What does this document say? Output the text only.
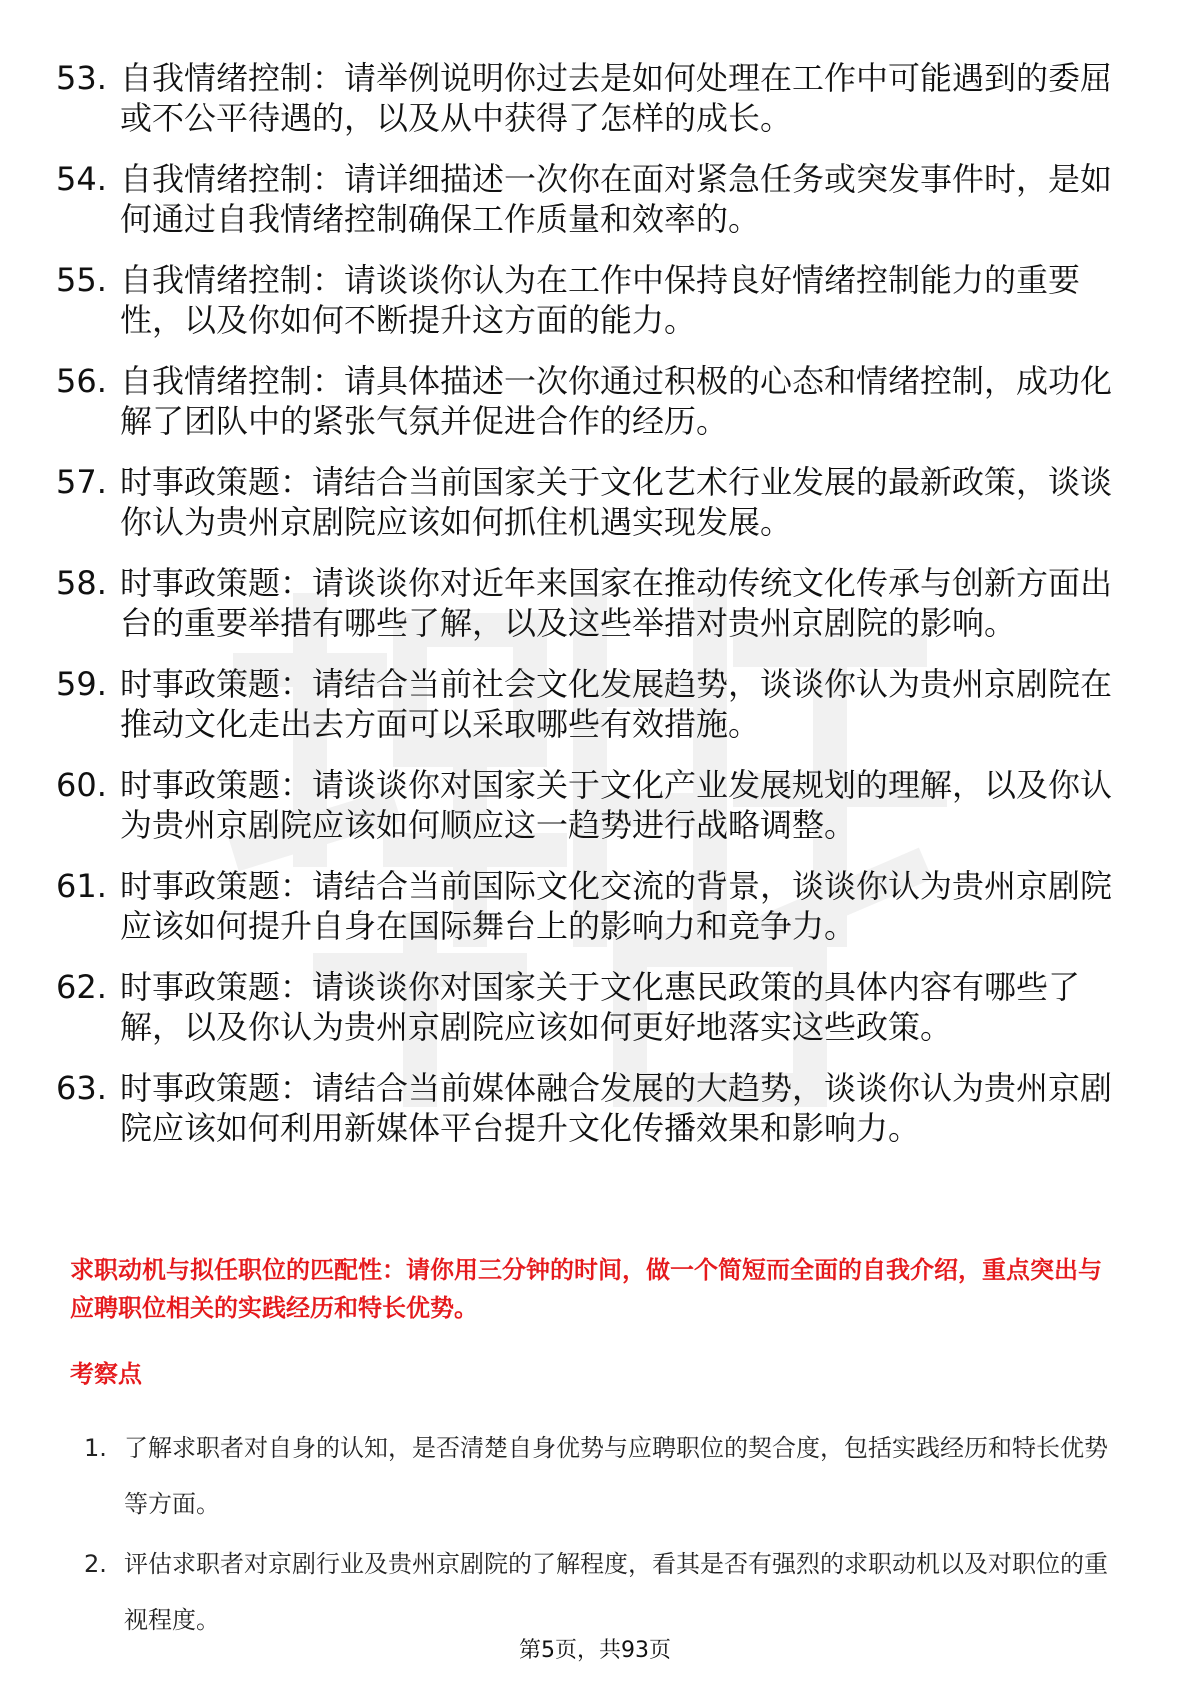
53. 自我情绪控制：请举例说明你过去是如何处理在工作中可能遇到的委屈或不公平待遇的，以及从中获得了怎样的成长。
54. 自我情绪控制：请详细描述一次你在面对紧急任务或突发事件时，是如何通过自我情绪控制确保工作质量和效率的。
55. 自我情绪控制：请谈谈你认为在工作中保持良好情绪控制能力的重要性，以及你如何不断提升这方面的能力。
56. 自我情绪控制：请具体描述一次你通过积极的心态和情绪控制，成功化解了团队中的紧张气氛并促进合作的经历。
57. 时事政策题：请结合当前国家关于文化艺术行业发展的最新政策，谈谈你认为贵州京剧院应该如何抓住机遇实现发展。
58. 时事政策题：请谈谈你对近年来国家在推动传统文化传承与创新方面出台的重要举措有哪些了解，以及这些举措对贵州京剧院的影响。
59. 时事政策题：请结合当前社会文化发展趋势，谈谈你认为贵州京剧院在推动文化走出去方面可以采取哪些有效措施。
60. 时事政策题：请谈谈你对国家关于文化产业发展规划的理解，以及你认为贵州京剧院应该如何顺应这一趋势进行战略调整。
61. 时事政策题：请结合当前国际文化交流的背景，谈谈你认为贵州京剧院应该如何提升自身在国际舞台上的影响力和竞争力。
62. 时事政策题：请谈谈你对国家关于文化惠民政策的具体内容有哪些了解，以及你认为贵州京剧院应该如何更好地落实这些政策。
63. 时事政策题：请结合当前媒体融合发展的大趋势，谈谈你认为贵州京剧院应该如何利用新媒体平台提升文化传播效果和影响力。

求职动机与拟任职位的匹配性：请你用三分钟的时间，做一个简短而全面的自我介绍，重点突出与应聘职位相关的实践经历和特长优势。

考察点

1. 了解求职者对自身的认知，是否清楚自身优势与应聘职位的契合度，包括实践经历和特长优势等方面。
2. 评估求职者对京剧行业及贵州京剧院的了解程度，看其是否有强烈的求职动机以及对职位的重视程度。
第5页，共93页
